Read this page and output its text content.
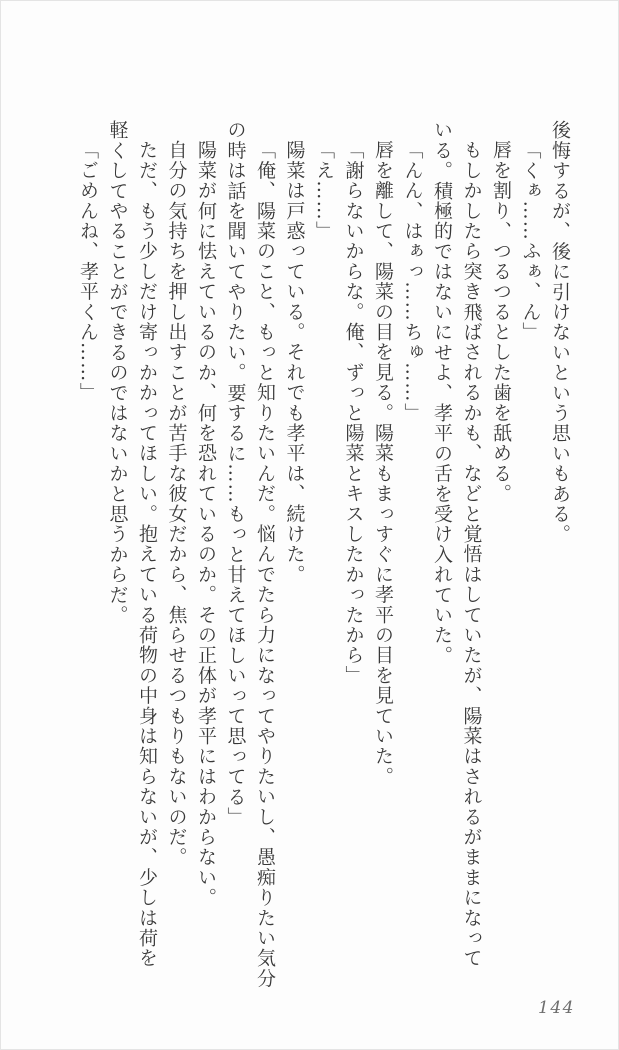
後悔するが、後に引けないという思いもある。
「くぁ……ふぁ、ん」
唇を割り、つるつるとした歯を舐める。
もしかしたら突き飛ばされるかも、などと覚悟はしていたが、陽菜はされるがままになって
いる。積極的ではないにせよ、孝平の舌を受け入れていた。
「んん、はぁっ……ちゅ……」
唇を離して、陽菜の目を見る。陽菜もまっすぐに孝平の目を見ていた。
「謝らないからな。俺、ずっと陽菜とキスしたかったから」
「え……」
陽菜は戸惑っている。それでも孝平は、続けた。
「俺、陽菜のこと、もっと知りたいんだ。悩んでたら力になってやりたいし、愚痴りたい気分
の時は話を聞いてやりたい。要するに……もっと甘えてほしいって思ってる」
陽菜が何に怯えているのか、何を恐れているのか。その正体が孝平にはわからない。
自分の気持ちを押し出すことが苦手な彼女だから、焦らせるつもりもないのだ。
ただ、もう少しだけ寄っかかってほしい。抱えている荷物の中身は知らないが、少しは荷を
軽くしてやることができるのではないかと思うからだ。
「ごめんね、孝平くん……」
144
